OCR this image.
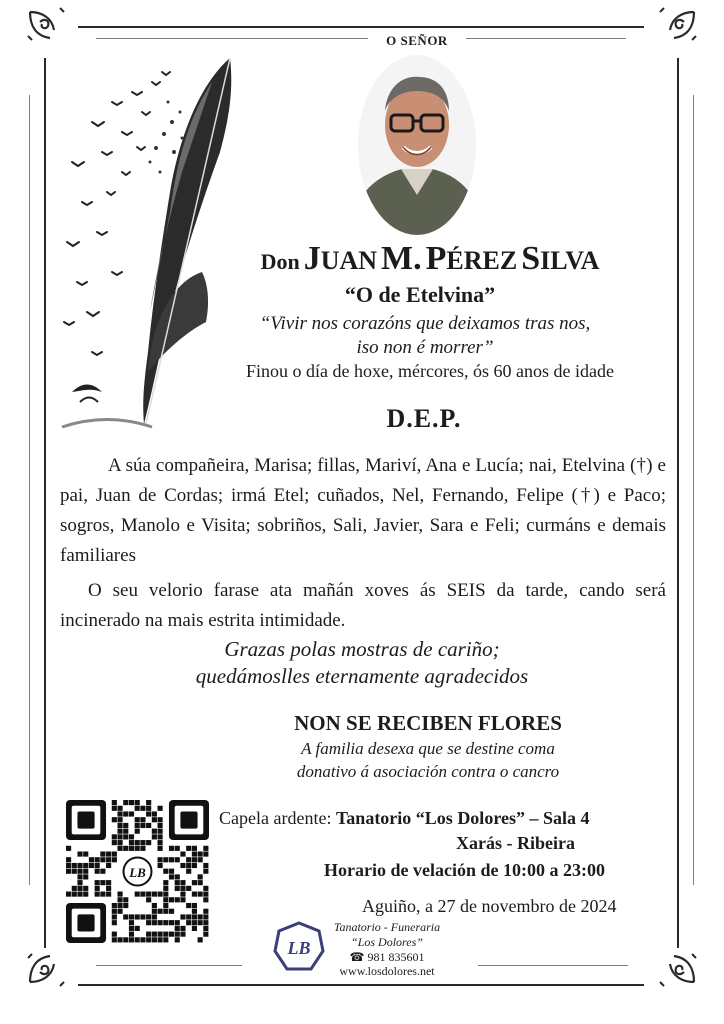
O SEÑOR
Don JUAN M. PÉREZ SILVA
“O de Etelvina”
“Vivir nos corazóns que deixamos tras nos,
iso non é morrer”
Finou o día de hoxe, mércores, ós 60 anos de idade
D.E.P.
A súa compañeira, Marisa; fillas, Mariví, Ana e Lucía; nai, Etelvina (†) e pai, Juan de Cordas; irmá Etel; cuñados, Nel, Fernando, Felipe (†) e Paco; sogros, Manolo e Visita; sobriños, Sali, Javier, Sara e Feli; curmáns e demais familiares
O seu velorio farase ata mañán xoves ás SEIS da tarde, cando será incinerado na mais estrita intimidade.
Grazas polas mostras de cariño;
quedámoslles eternamente agradecidos
NON SE RECIBEN FLORES
A familia desexa que se destine coma
donativo á asociación contra o cancro
LB
Capela ardente: Tanatorio “Los Dolores” – Sala 4
Xarás - Ribeira
Horario de velación de 10:00 a 23:00
Aguiño, a 27 de novembro de 2024
LB
Tanatorio - Funeraria
“Los Dolores”
☎ 981 835601
www.losdolores.net
